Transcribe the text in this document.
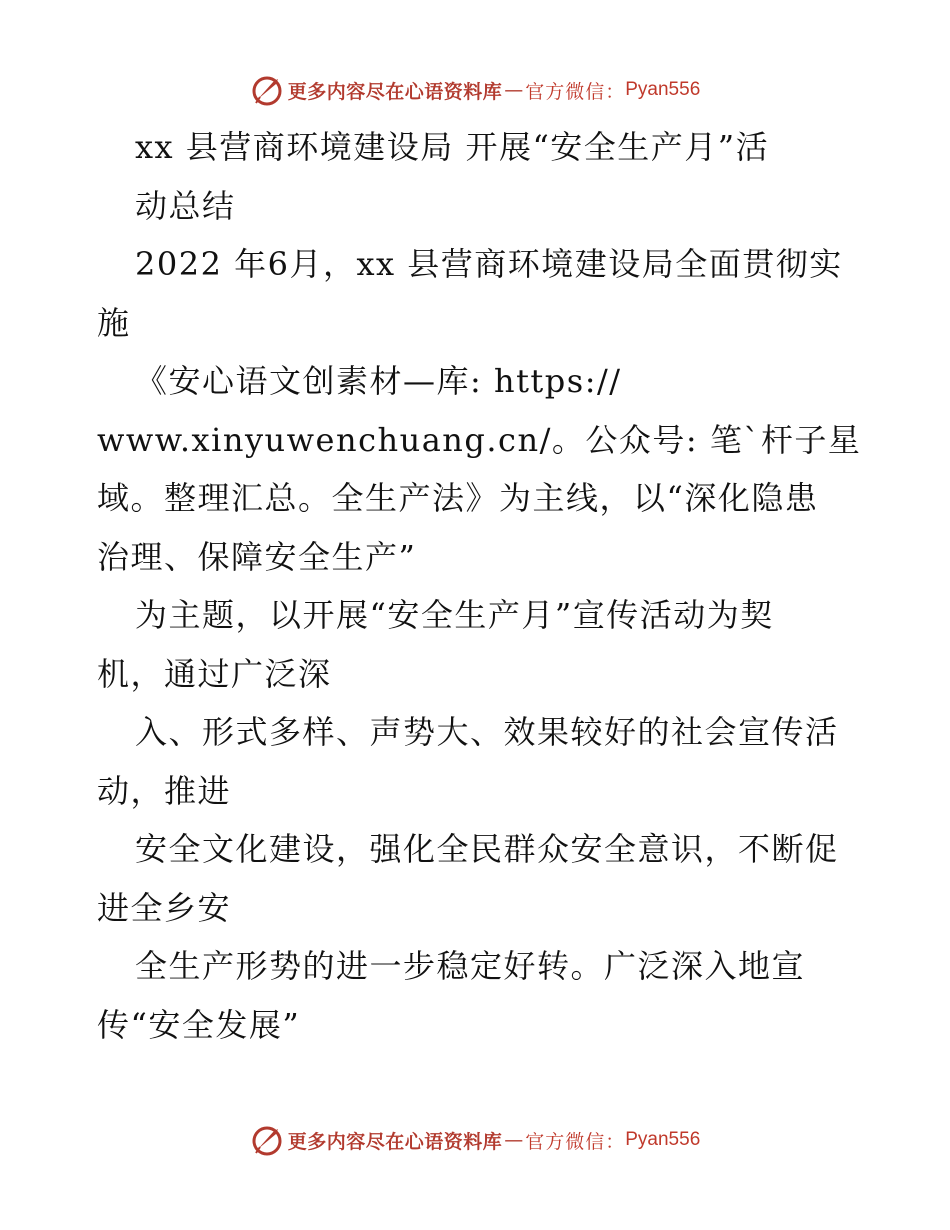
更多内容尽在心语资料库 — 官方微信： Pyan556
xx 县营商环境建设局 开展“安全生产月”活
动总结
2022 年6月，xx 县营商环境建设局全面贯彻实
施
《安心语文创素材—库: https://
www.xinyuwenchuang.cn/。公众号: 笔`杆子星
域。整理汇总。全生产法》为主线，以“深化隐患
治理、保障安全生产”
为主题，以开展“安全生产月”宣传活动为契
机，通过广泛深
入、形式多样、声势大、效果较好的社会宣传活
动，推进
安全文化建设，强化全民群众安全意识，不断促
进全乡安
全生产形势的进一步稳定好转。广泛深入地宣
传“安全发展”
更多内容尽在心语资料库 — 官方微信： Pyan556
